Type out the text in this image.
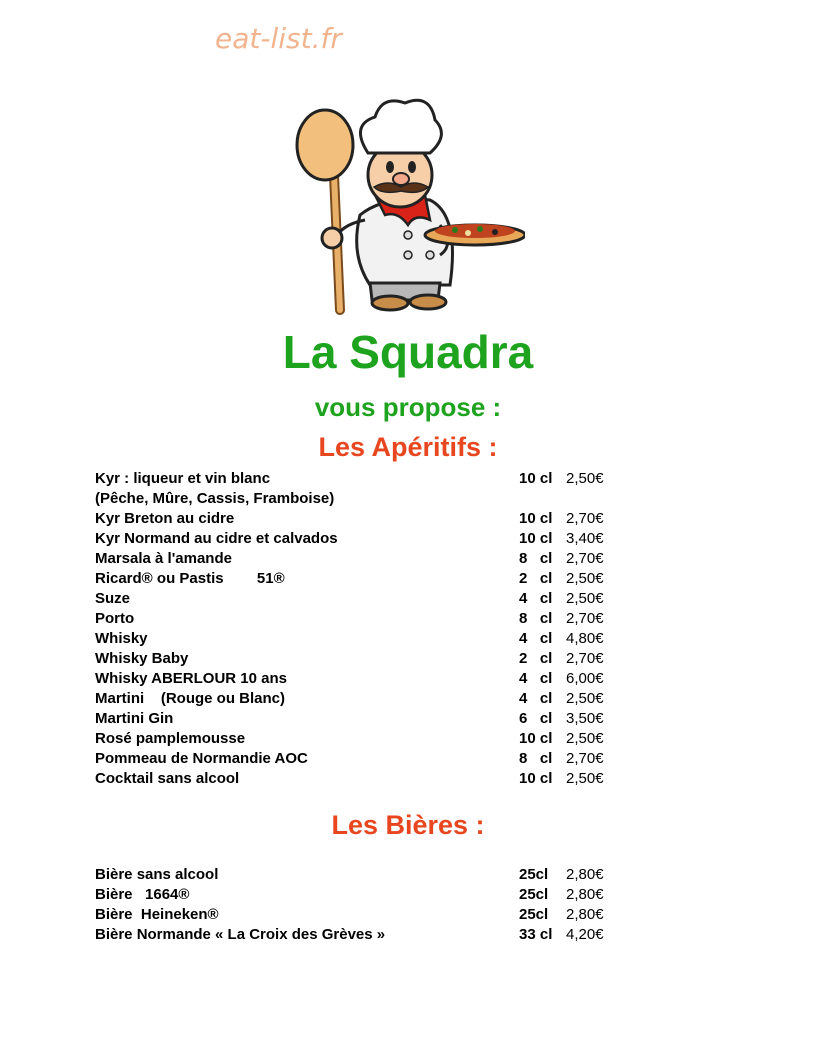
eat-list.fr
La Squadra
vous propose :
Les Apéritifs :
Kyr : liqueur et vin blanc	10 cl 2,50€
(Pêche, Mûre, Cassis, Framboise)
Kyr Breton au cidre	10 cl 2,70€
Kyr Normand au cidre et calvados	10 cl 3,40€
Marsala à l'amande	8   cl 2,70€
Ricard® ou Pastis        51®	2   cl 2,50€
Suze	4   cl 2,50€
Porto	8   cl 2,70€
Whisky	4   cl 4,80€
Whisky Baby	2   cl 2,70€
Whisky ABERLOUR 10 ans	4   cl 6,00€
Martini    (Rouge ou Blanc)	4   cl 2,50€
Martini Gin	6   cl 3,50€
Rosé pamplemousse	10 cl 2,50€
Pommeau de Normandie AOC	8   cl 2,70€
Cocktail sans alcool	10 cl 2,50€
Les Bières :
Bière sans alcool	25cl 2,80€
Bière   1664®	25cl 2,80€
Bière  Heineken®	25cl 2,80€
Bière Normande « La Croix des Grèves »	33 cl 4,20€
